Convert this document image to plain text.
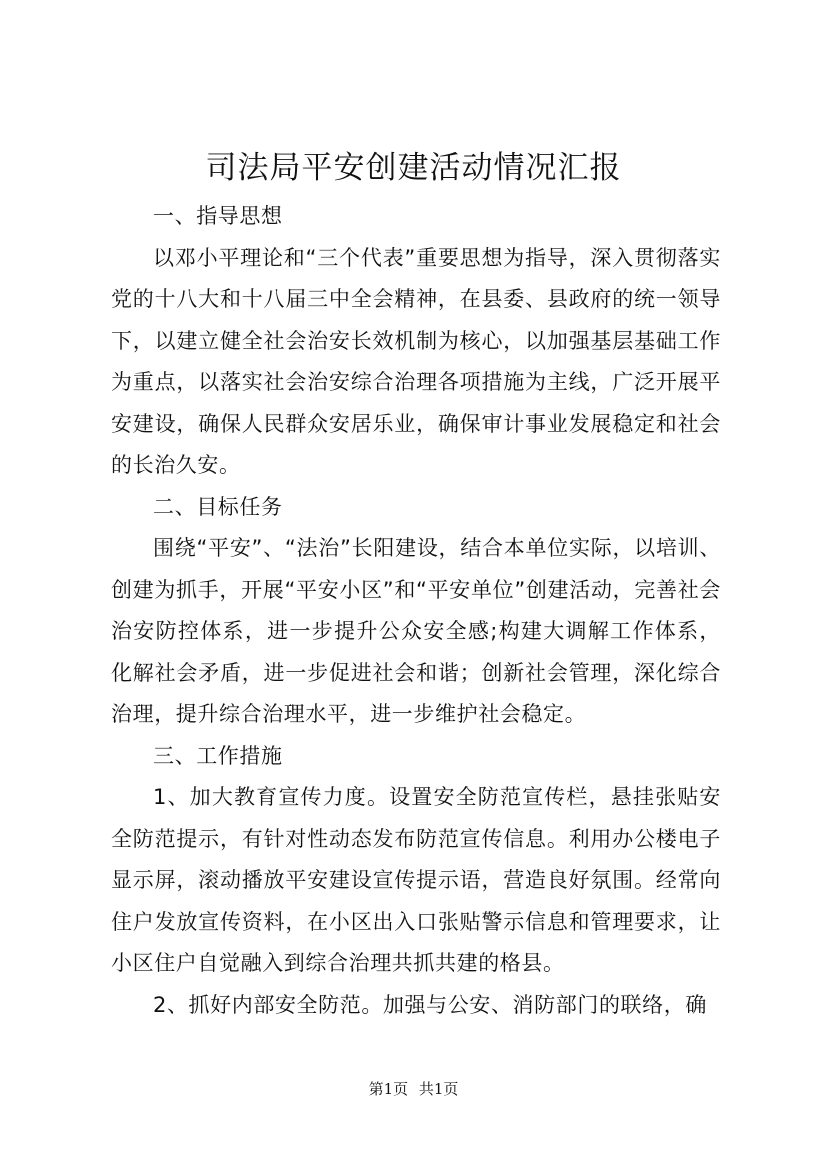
司法局平安创建活动情况汇报

一、指导思想

以邓小平理论和“三个代表”重要思想为指导，深入贯彻落实党的十八大和十八届三中全会精神，在县委、县政府的统一领导下，以建立健全社会治安长效机制为核心，以加强基层基础工作为重点，以落实社会治安综合治理各项措施为主线，广泛开展平安建设，确保人民群众安居乐业，确保审计事业发展稳定和社会的长治久安。

二、目标任务

围绕“平安”、“法治”长阳建设，结合本单位实际，以培训、创建为抓手，开展“平安小区”和“平安单位”创建活动，完善社会治安防控体系，进一步提升公众安全感;构建大调解工作体系，化解社会矛盾，进一步促进社会和谐；创新社会管理，深化综合治理，提升综合治理水平，进一步维护社会稳定。

三、工作措施

1、加大教育宣传力度。设置安全防范宣传栏，悬挂张贴安全防范提示，有针对性动态发布防范宣传信息。利用办公楼电子显示屏，滚动播放平安建设宣传提示语，营造良好氛围。经常向住户发放宣传资料，在小区出入口张贴警示信息和管理要求，让小区住户自觉融入到综合治理共抓共建的格县。

2、抓好内部安全防范。加强与公安、消防部门的联络，确

第1页 共1页
